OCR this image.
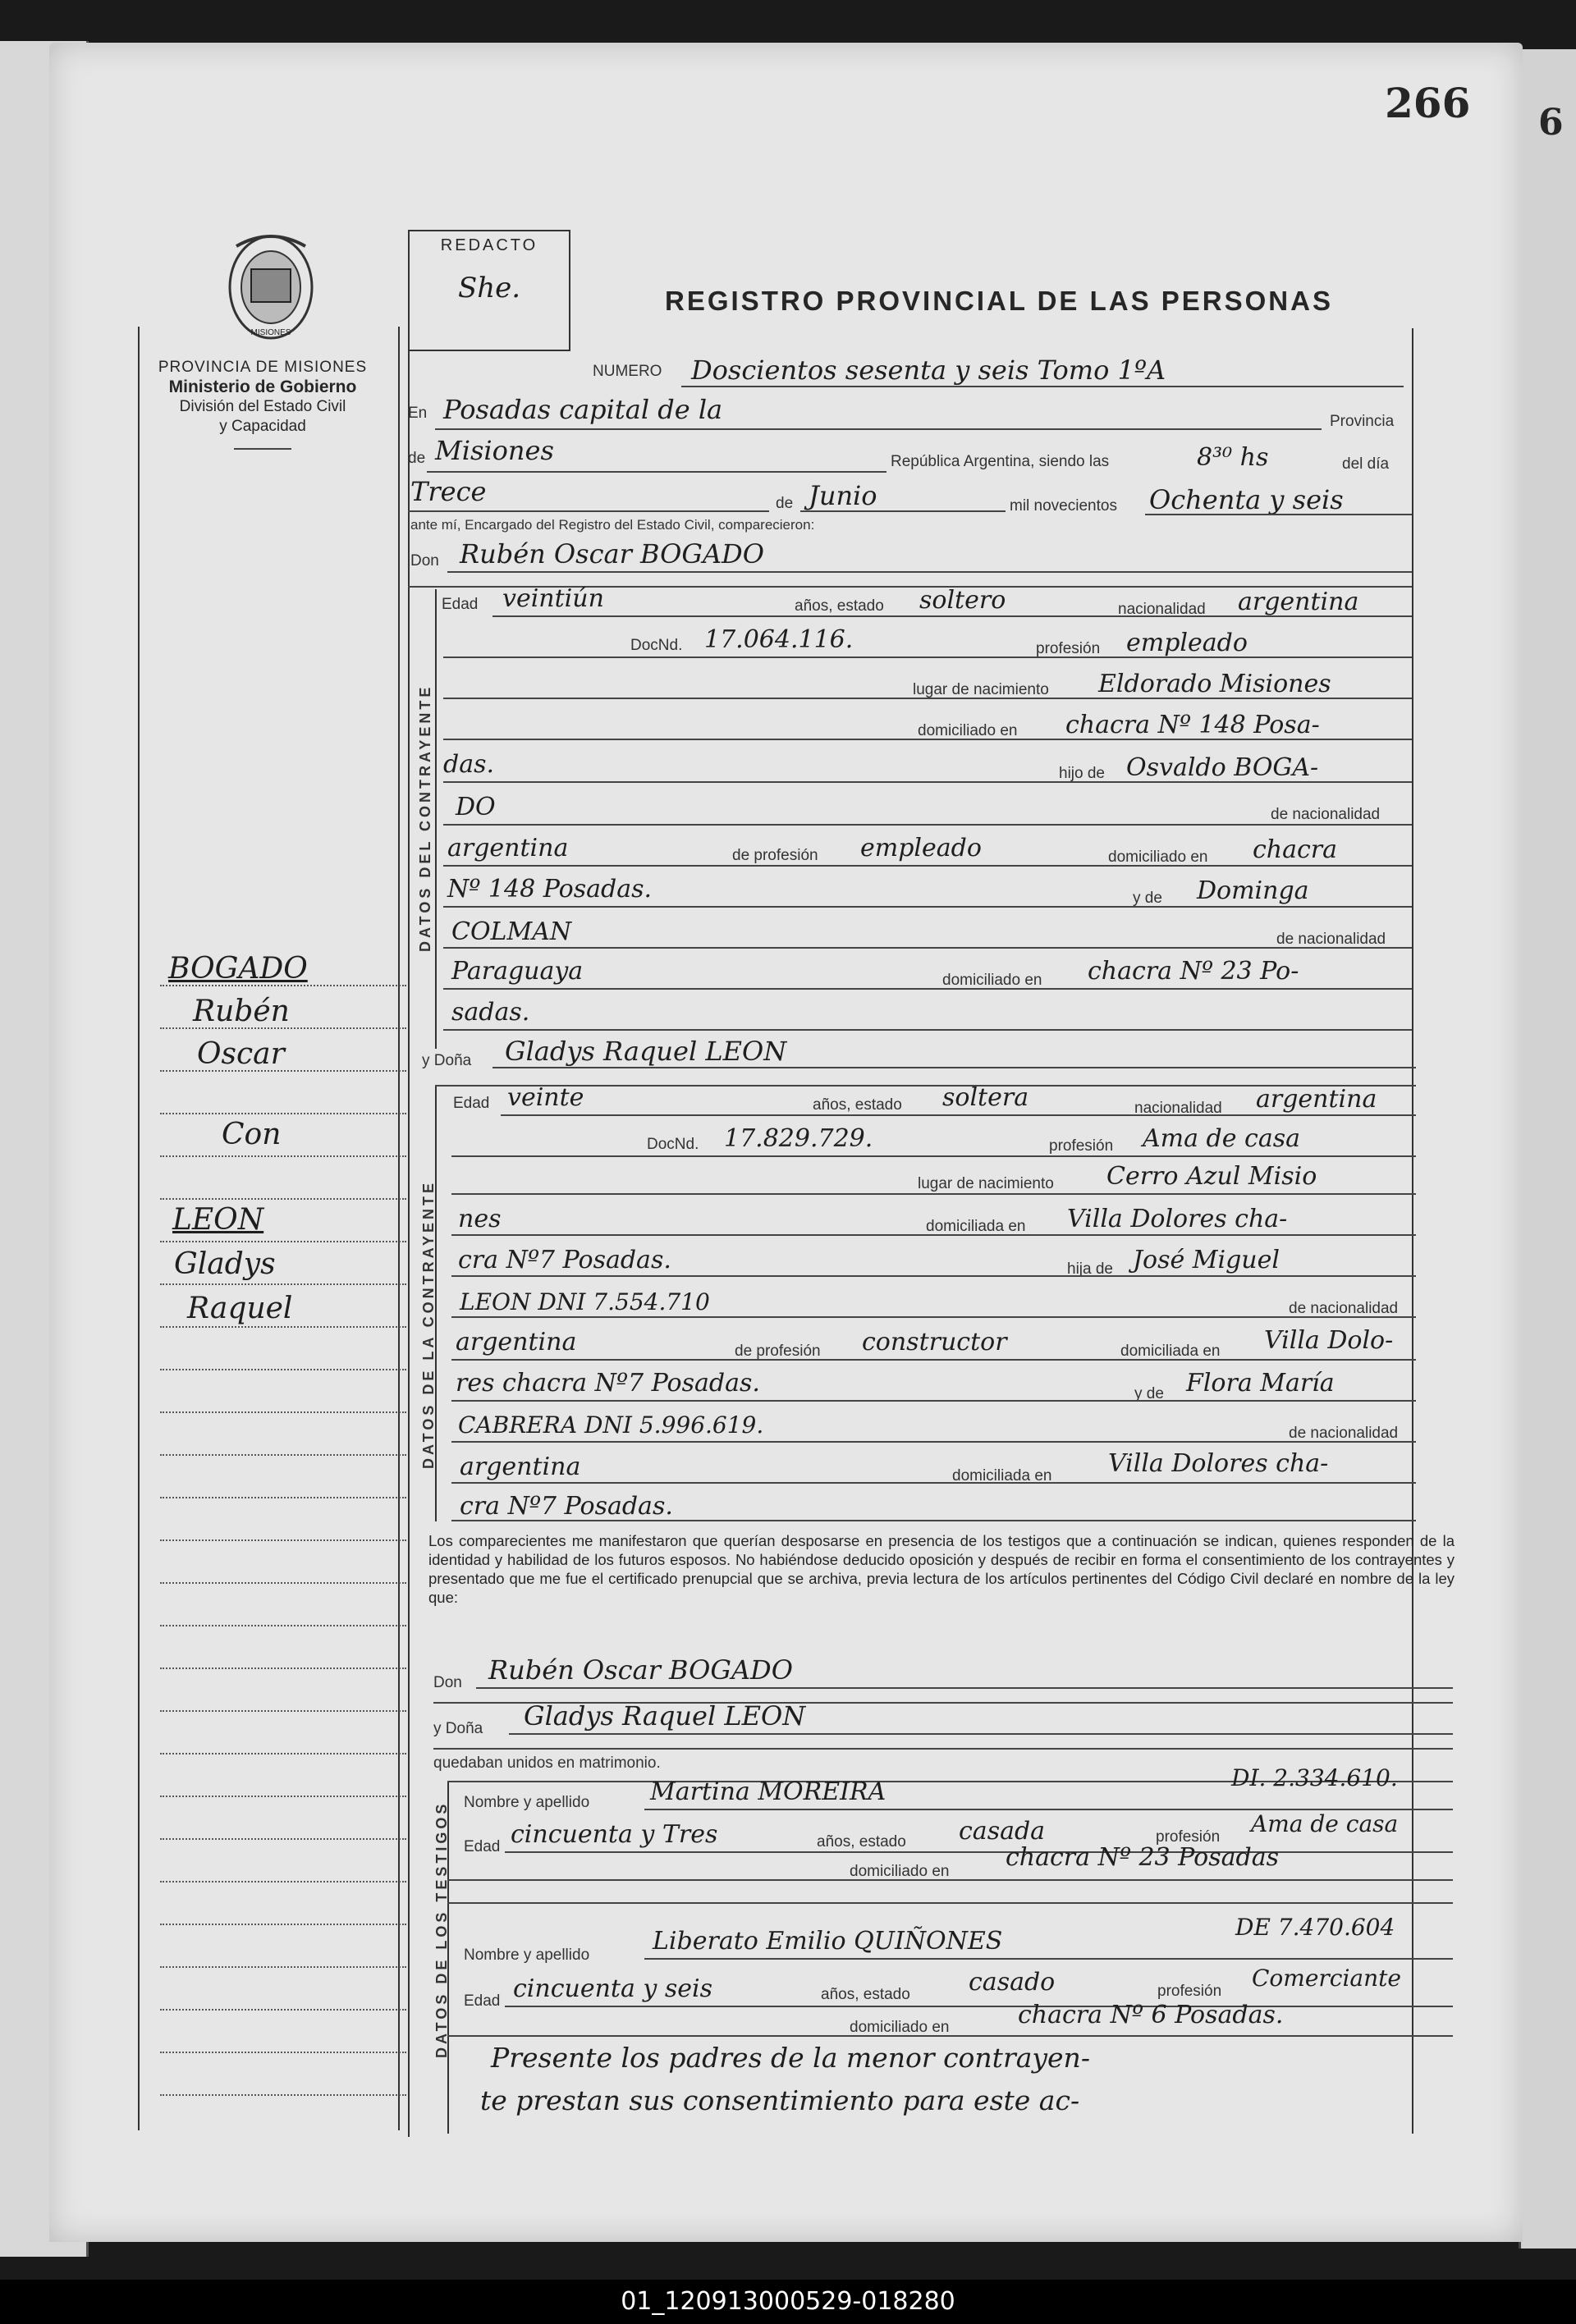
266 6
MISIONES
PROVINCIA DE MISIONES
Ministerio de Gobierno
División del Estado Civil
y Capacidad
REDACTO
She.	REGISTRO PROVINCIAL DE LAS PERSONAS
DATOS DEL CONTRAYENTE
DATOS DE LA CONTRAYENTE
DATOS DE LOS TESTIGOS
BOGADO
Rubén
Oscar
Con
LEON
Gladys
Raquel
NUMERO Doscientos sesenta y seis Tomo 1ºA
En Posadas capital de la	Provincia
de Misiones	República Argentina, siendo las	8³⁰ hs	del día
Trece	de Junio	mil novecientos Ochenta y seis
ante mí, Encargado del Registro del Estado Civil, comparecieron:
Don Rubén Oscar BOGADO
Edad veintiún	años, estado soltero	nacionalidad argentina
DocNd. 17.064.116.	profesión empleado
lugar de nacimiento Eldorado Misiones
domiciliado en chacra Nº 148 Posa-
das.	hijo de Osvaldo BOGA-
DO	de nacionalidad
argentina	de profesión empleado	domiciliado en chacra
Nº 148 Posadas.	y de Dominga
COLMAN	de nacionalidad
Paraguaya	domiciliado en chacra Nº 23 Po-
sadas.
y Doña Gladys Raquel LEON
Edad veinte	años, estado soltera	nacionalidad argentina
DocNd. 17.829.729.	profesión Ama de casa
lugar de nacimiento Cerro Azul Misio
nes	domiciliada en Villa Dolores cha-
cra Nº7 Posadas.	hija de José Miguel
LEON DNI 7.554.710	de nacionalidad
argentina	de profesión constructor	domiciliada en Villa Dolo-
res chacra Nº7 Posadas.	y de Flora María
CABRERA DNI 5.996.619.	de nacionalidad
argentina	domiciliada en Villa Dolores cha-
cra Nº7 Posadas.
Los comparecientes me manifestaron que querían desposarse en presencia de los testigos que a continuación se indican, quienes responden de la identidad y habilidad de los futuros esposos. No habiéndose deducido oposición y después de recibir en forma el consentimiento de los contrayentes y presentado que me fue el certificado prenupcial que se archiva, previa lectura de los artículos pertinentes del Código Civil declaré en nombre de la ley que:
Don Rubén Oscar BOGADO
y Doña Gladys Raquel LEON
quedaban unidos en matrimonio.
Nombre y apellido Martina MOREIRA	DI. 2.334.610.
Edad cincuenta y Tres	años, estado casada	profesión Ama de casa
domiciliado en chacra Nº 23 Posadas
Nombre y apellido	Liberato Emilio QUIÑONES	DE 7.470.604
Edad cincuenta y seis	años, estado casado	profesión Comerciante
domiciliado en	chacra Nº 6 Posadas.
Presente los padres de la menor contrayen-
te prestan sus consentimiento para este ac-
01_120913000529-018280
